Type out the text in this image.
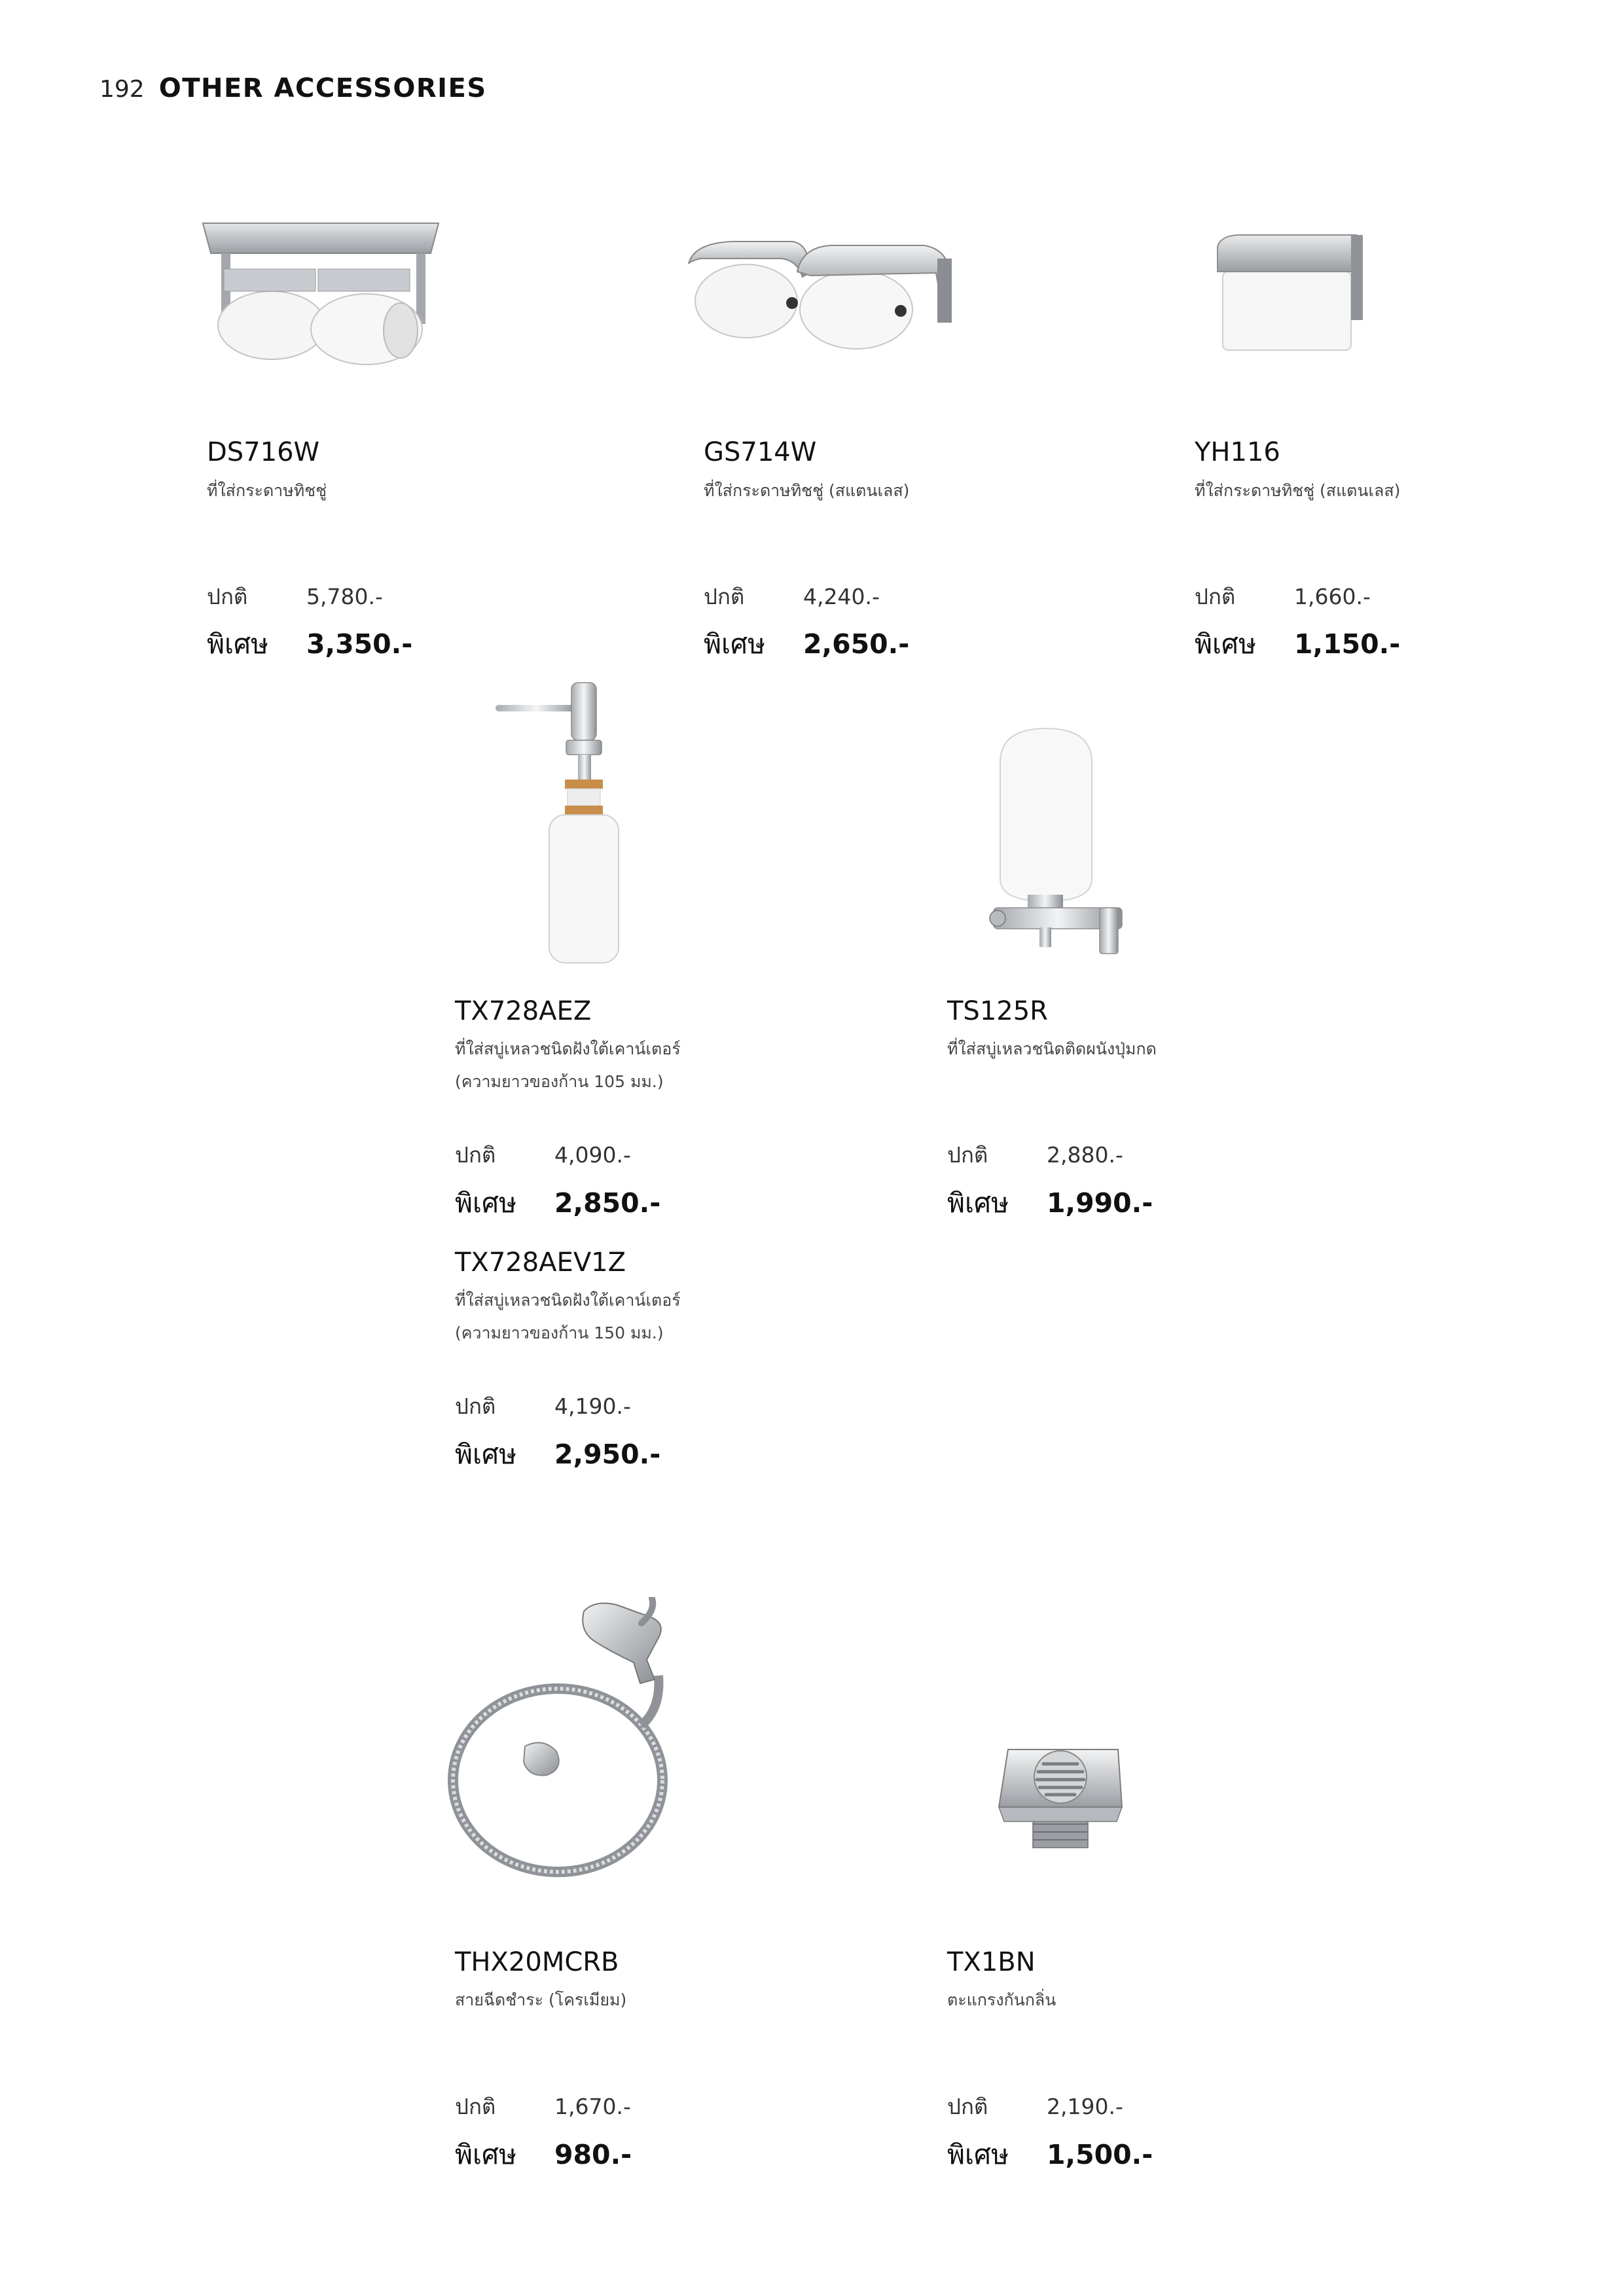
192 OTHER ACCESSORIES
DS716W
ที่ใส่กระดาษทิชชู่
ปกติ	5,780.-
พิเศษ	3,350.-
GS714W
ที่ใส่กระดาษทิชชู่ (สแตนเลส)
ปกติ	4,240.-
พิเศษ	2,650.-
YH116
ที่ใส่กระดาษทิชชู่ (สแตนเลส)
ปกติ	1,660.-
พิเศษ	1,150.-
TX728AEZ
ที่ใส่สบู่เหลวชนิดฝังใต้เคาน์เตอร์
(ความยาวของก้าน 105 มม.)
ปกติ	4,090.-
พิเศษ	2,850.-
TS125R
ที่ใส่สบู่เหลวชนิดติดผนังปุ่มกด
ปกติ	2,880.-
พิเศษ	1,990.-
TX728AEV1Z
ที่ใส่สบู่เหลวชนิดฝังใต้เคาน์เตอร์
(ความยาวของก้าน 150 มม.)
ปกติ	4,190.-
พิเศษ	2,950.-
THX20MCRB
สายฉีดชำระ (โครเมียม)
ปกติ	1,670.-
พิเศษ	980.-
TX1BN
ตะแกรงกันกลิ่น
ปกติ	2,190.-
พิเศษ	1,500.-
